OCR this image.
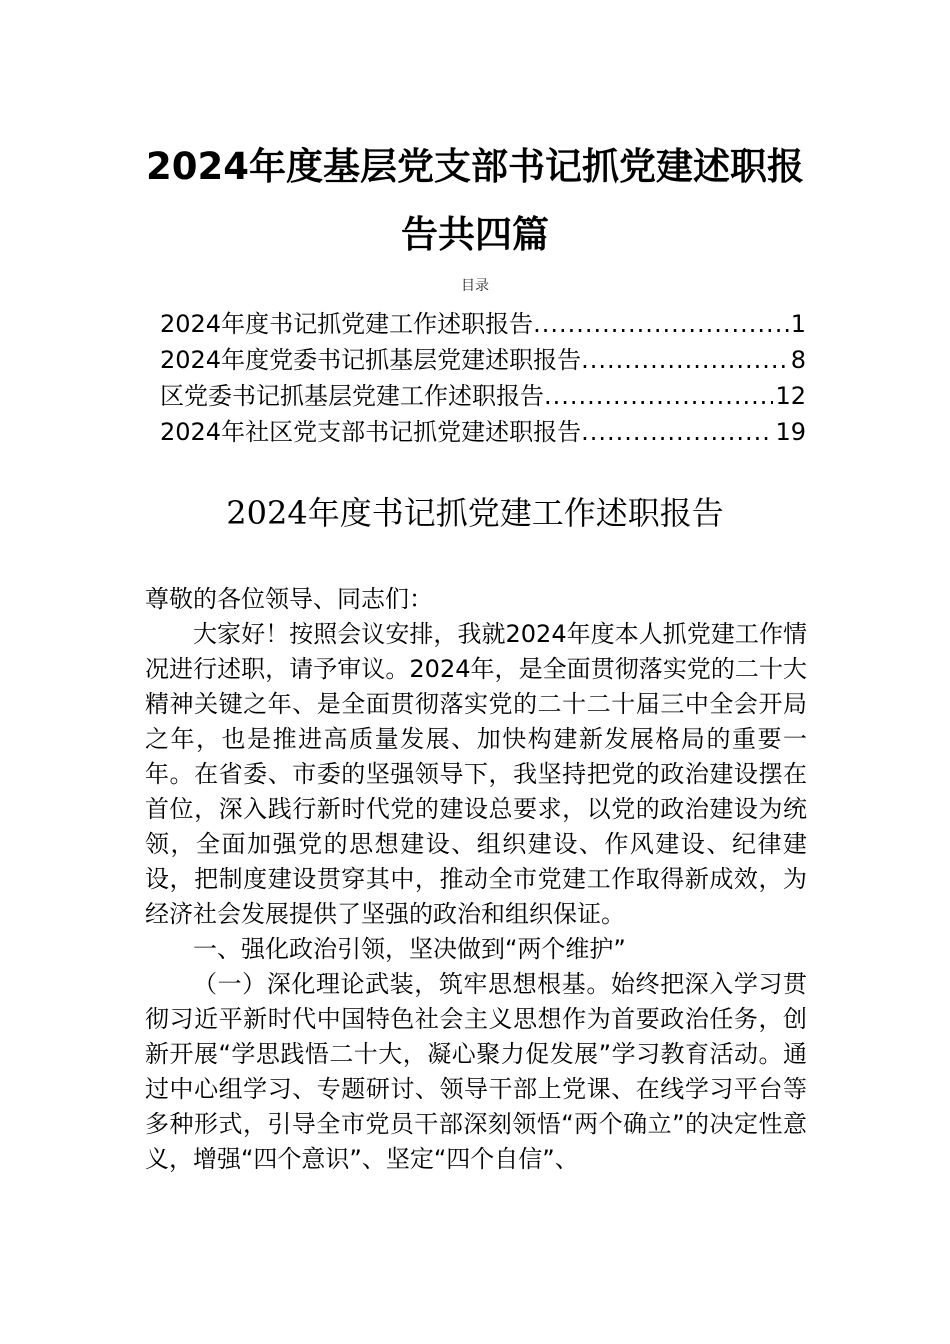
2024年度基层党支部书记抓党建述职报
告共四篇
目录
2024年度书记抓党建工作述职报告 .....	1
2024年度党委书记抓基层党建述职报告 .....	8
区党委书记抓基层党建工作述职报告 .....	12
2024年社区党支部书记抓党建述职报告 .....	19
2024年度书记抓党建工作述职报告

尊敬的各位领导、同志们：

大家好！按照会议安排，我就2024年度本人抓党建工作情况进行述职，请予审议。2024年，是全面贯彻落实党的二十大精神关键之年、是全面贯彻落实党的二十二十届三中全会开局之年，也是推进高质量发展、加快构建新发展格局的重要一年。在省委、市委的坚强领导下，我坚持把党的政治建设摆在首位，深入践行新时代党的建设总要求，以党的政治建设为统领，全面加强党的思想建设、组织建设、作风建设、纪律建设，把制度建设贯穿其中，推动全市党建工作取得新成效，为经济社会发展提供了坚强的政治和组织保证。

一、强化政治引领，坚决做到“两个维护”

（一）深化理论武装，筑牢思想根基。始终把深入学习贯彻习近平新时代中国特色社会主义思想作为首要政治任务，创新开展“学思践悟二十大，凝心聚力促发展”学习教育活动。通过中心组学习、专题研讨、领导干部上党课、在线学习平台等多种形式，引导全市党员干部深刻领悟“两个确立”的决定性意义，增强“四个意识”、坚定“四个自信”、
